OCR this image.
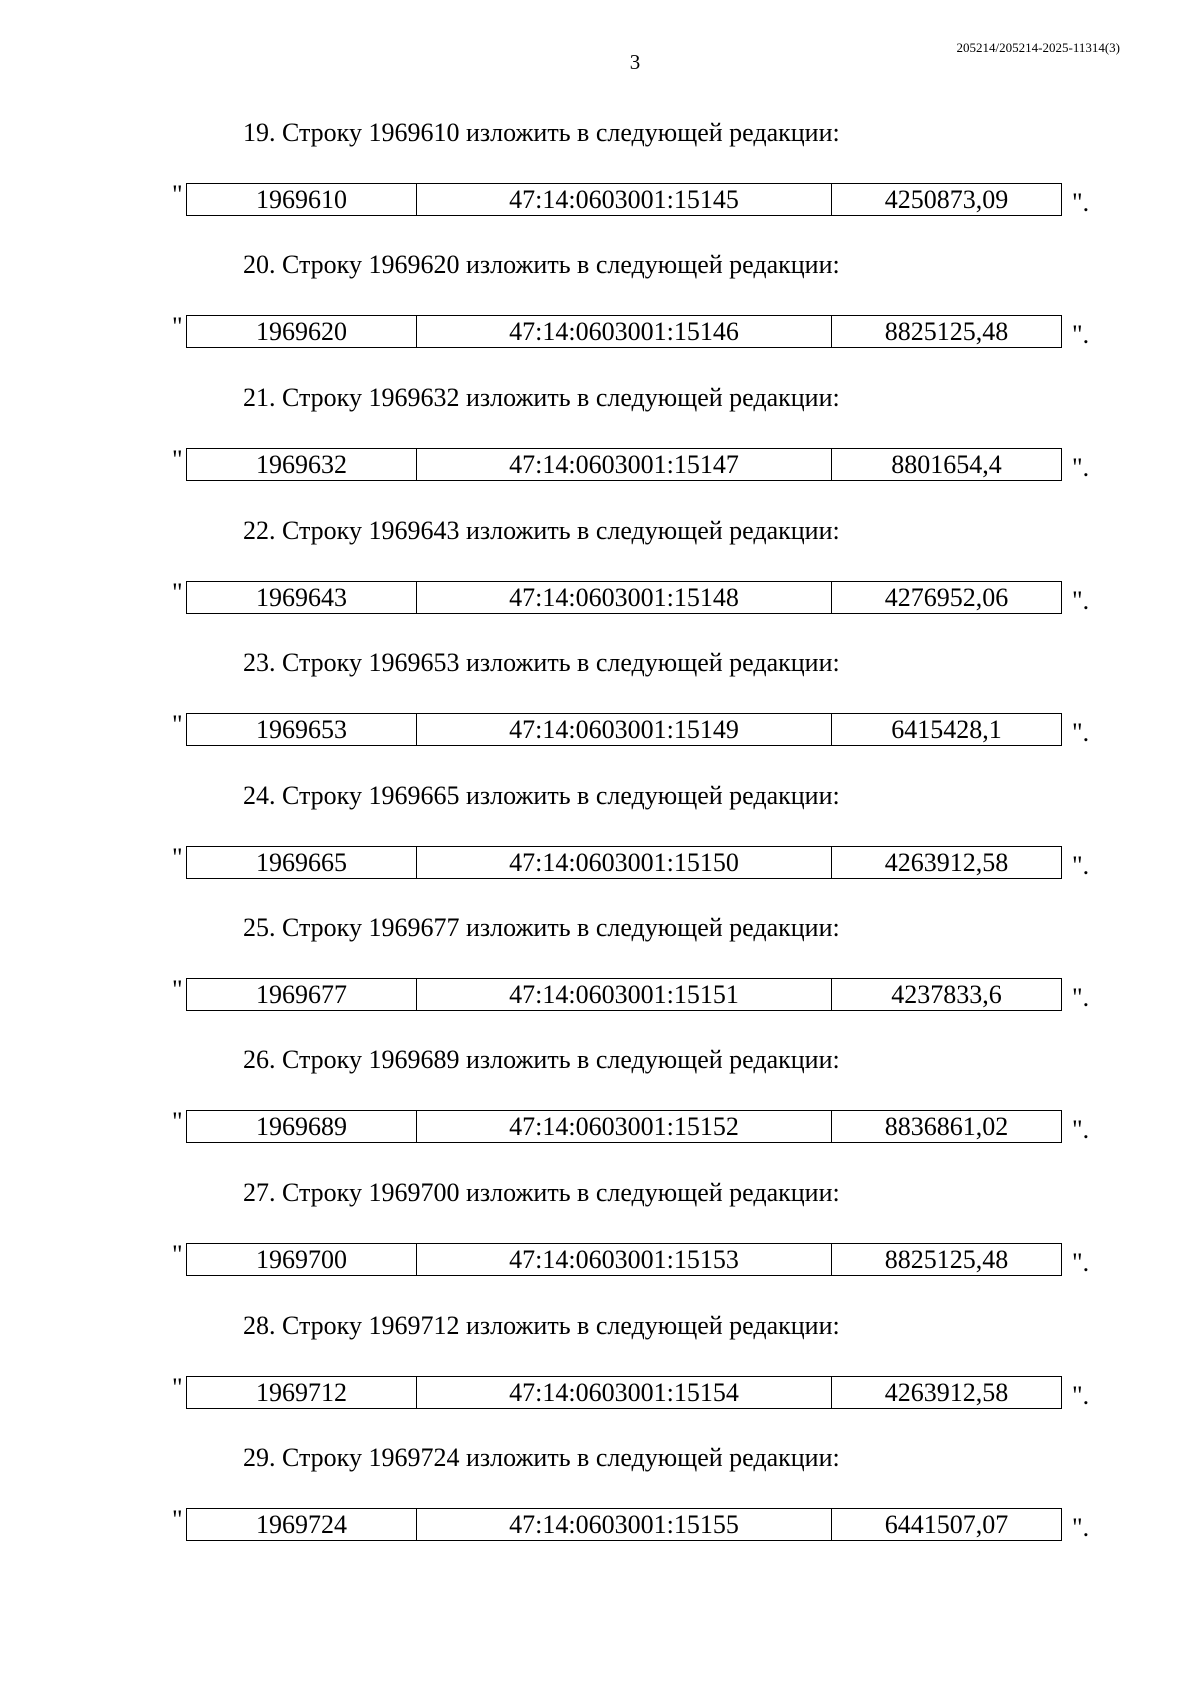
3
205214/205214-2025-11314(3)
19. Строку 1969610 изложить в следующей редакции:
"	1969610	47:14:0603001:15145	4250873,09 ".
20. Строку 1969620 изложить в следующей редакции:
"	1969620	47:14:0603001:15146	8825125,48 ".
21. Строку 1969632 изложить в следующей редакции:
"	1969632	47:14:0603001:15147	8801654,4	".
22. Строку 1969643 изложить в следующей редакции:
"	1969643	47:14:0603001:15148	4276952,06 ".
23. Строку 1969653 изложить в следующей редакции:
"	1969653	47:14:0603001:15149	6415428,1	".
24. Строку 1969665 изложить в следующей редакции:
"	1969665	47:14:0603001:15150	4263912,58 ".
25. Строку 1969677 изложить в следующей редакции:
"	1969677	47:14:0603001:15151	4237833,6	".
26. Строку 1969689 изложить в следующей редакции:
"	1969689	47:14:0603001:15152	8836861,02 ".
27. Строку 1969700 изложить в следующей редакции:
"	1969700	47:14:0603001:15153	8825125,48 ".
28. Строку 1969712 изложить в следующей редакции:
"	1969712	47:14:0603001:15154	4263912,58 ".
29. Строку 1969724 изложить в следующей редакции:
"	1969724	47:14:0603001:15155	6441507,07 ".
